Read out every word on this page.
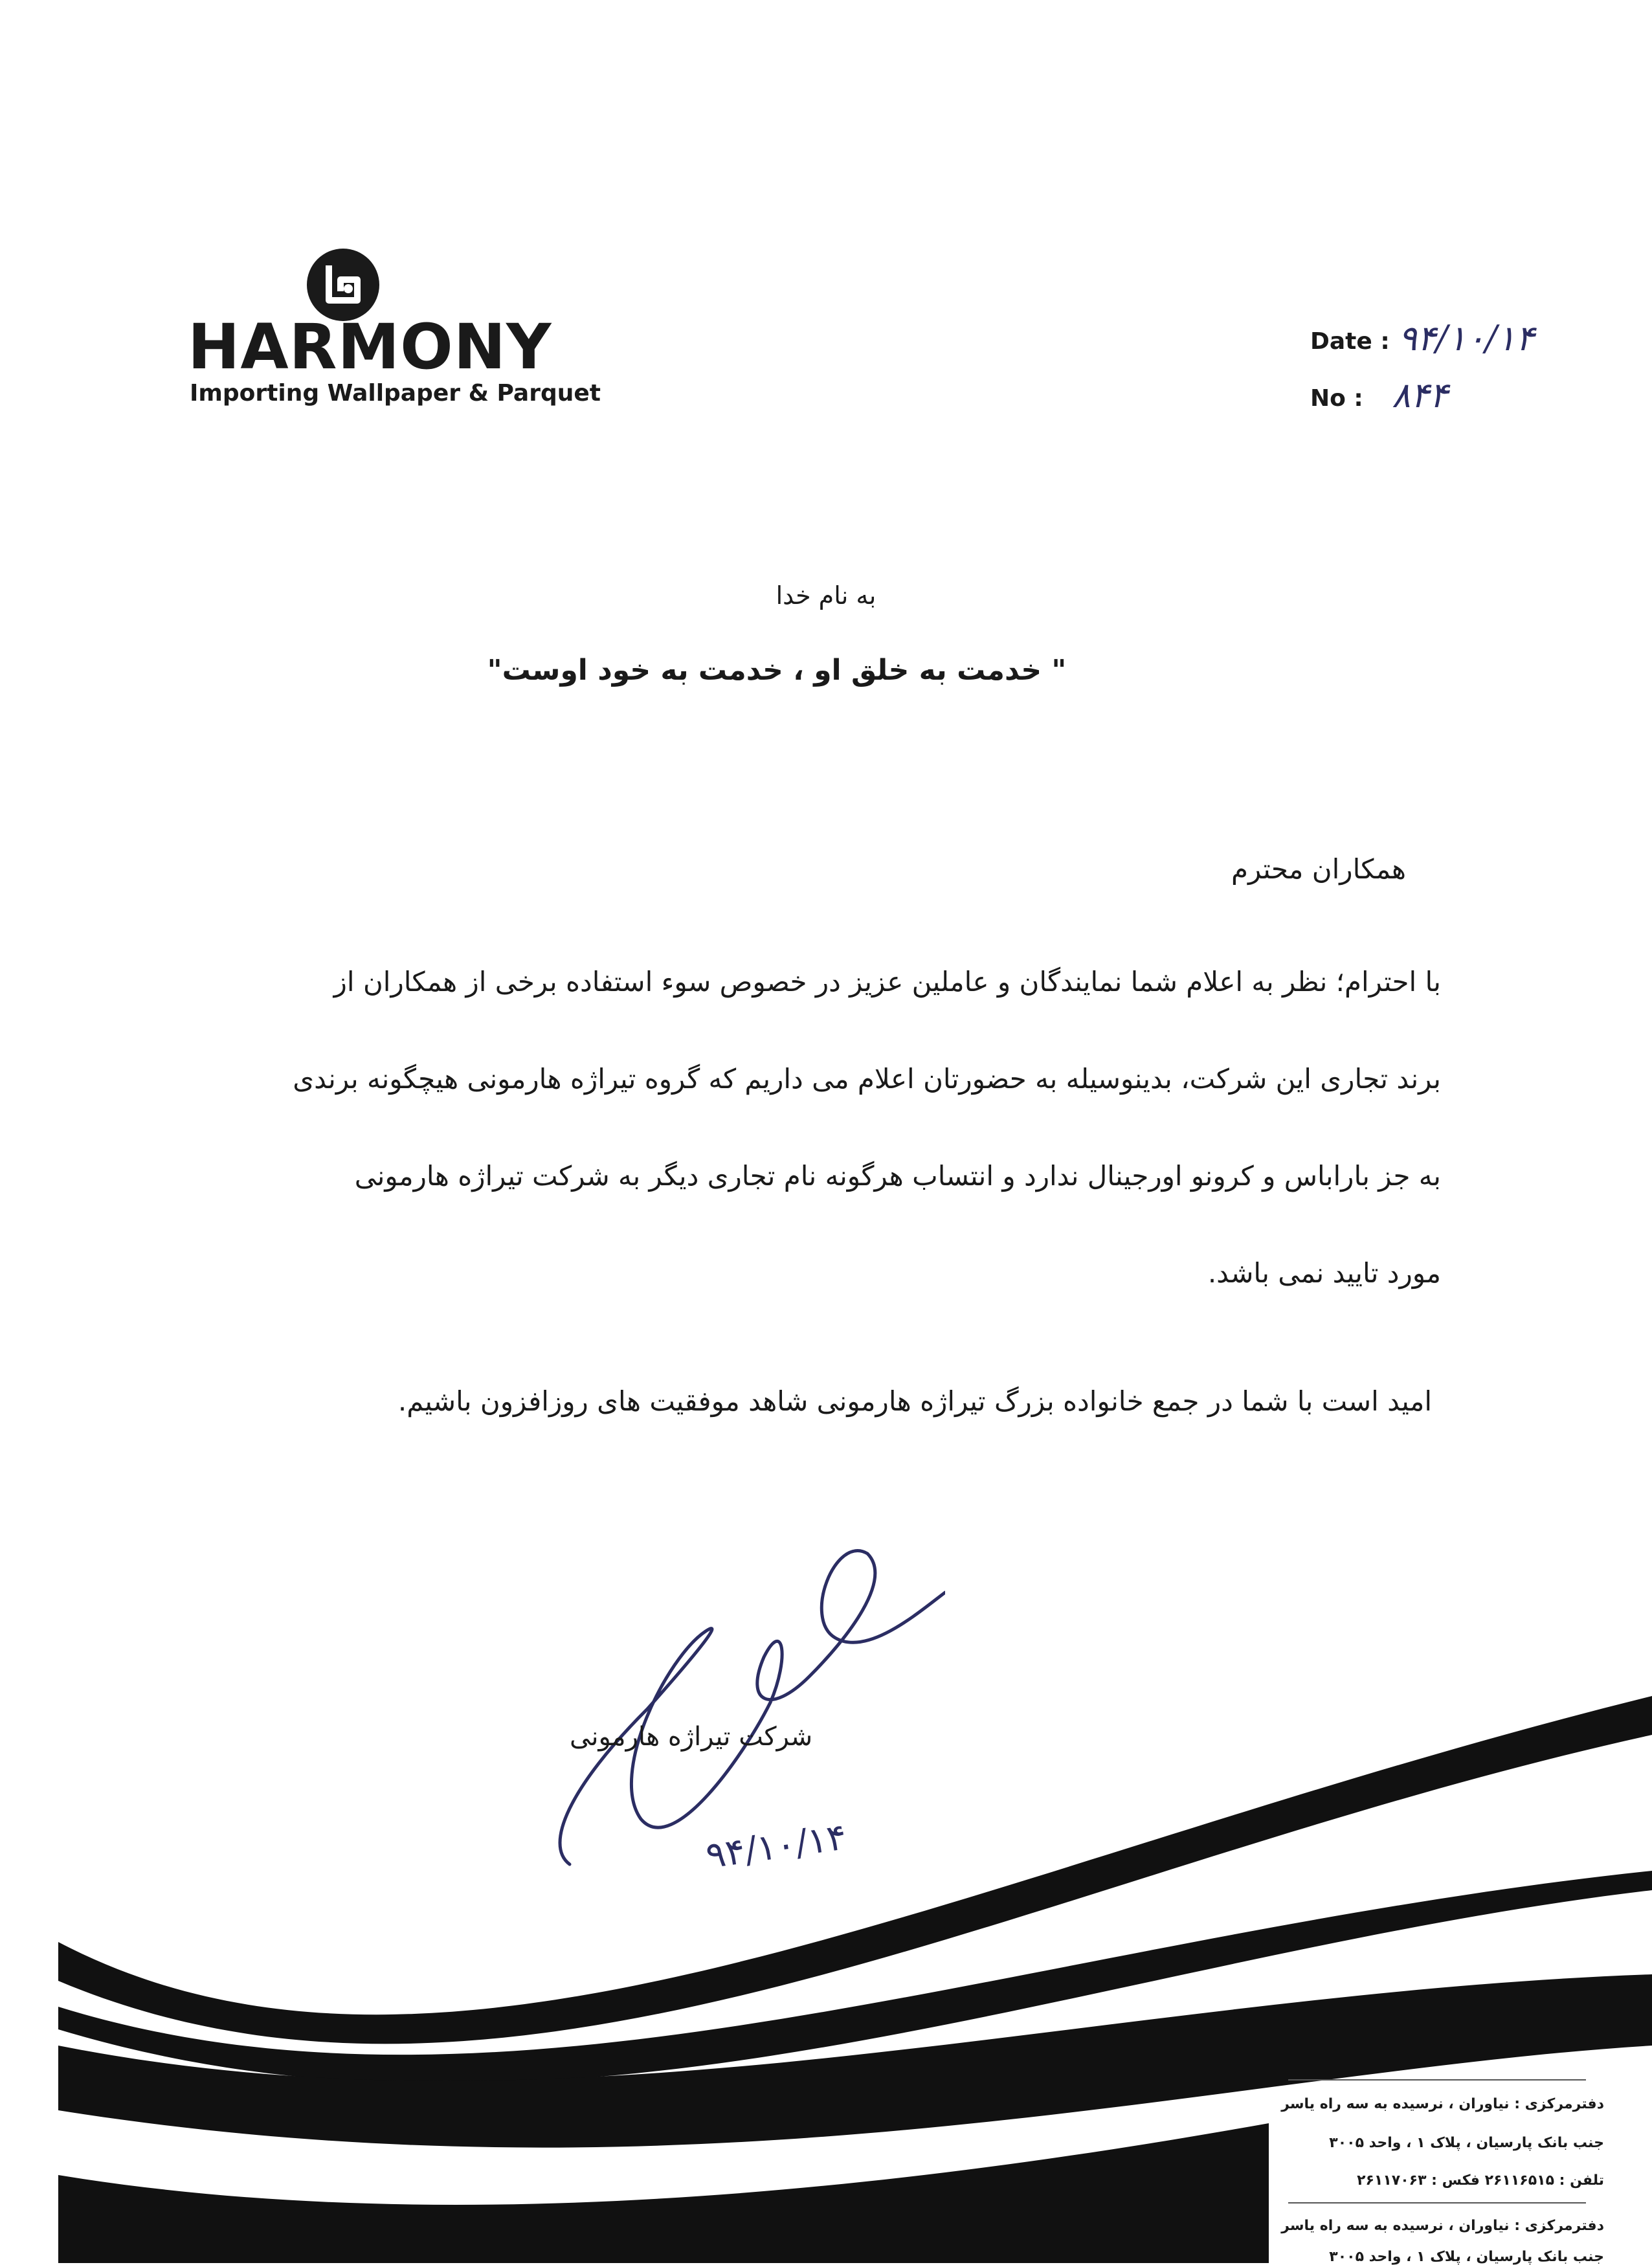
HARMONY
Importing Wallpaper & Parquet
Date : ۹۴/۱۰/۱۴
No : ۸۴۴
به نام خدا
" خدمت به خلق او ، خدمت به خود اوست"
همکاران محترم
با احترام؛ نظر به اعلام شما نمایندگان و عاملین عزیز در خصوص سوء استفاده برخی از همکاران از
برند تجاری این شرکت، بدینوسیله به حضورتان اعلام می داریم که گروه تیراژه هارمونی هیچگونه برندی
به جز باراباس و کرونو اورجینال ندارد و انتساب هرگونه نام تجاری دیگر به شرکت تیراژه هارمونی
مورد تایید نمی باشد.
امید است با شما در جمع خانواده بزرگ تیراژه هارمونی شاهد موفقیت های روزافزون باشیم.
شرکت تیراژه هارمونی
۹۴/۱۰/۱۴
دفترمرکزی : نیاوران ، نرسیده به سه راه یاسر
جنب بانک پارسیان ، پلاک ۱ ، واحد ۳۰۰۵
تلفن : ۲۶۱۱۶۵۱۵ فکس : ۲۶۱۱۷۰۶۳
دفترمرکزی : نیاوران ، نرسیده به سه راه یاسر
جنب بانک پارسیان ، پلاک ۱ ، واحد ۳۰۰۵
